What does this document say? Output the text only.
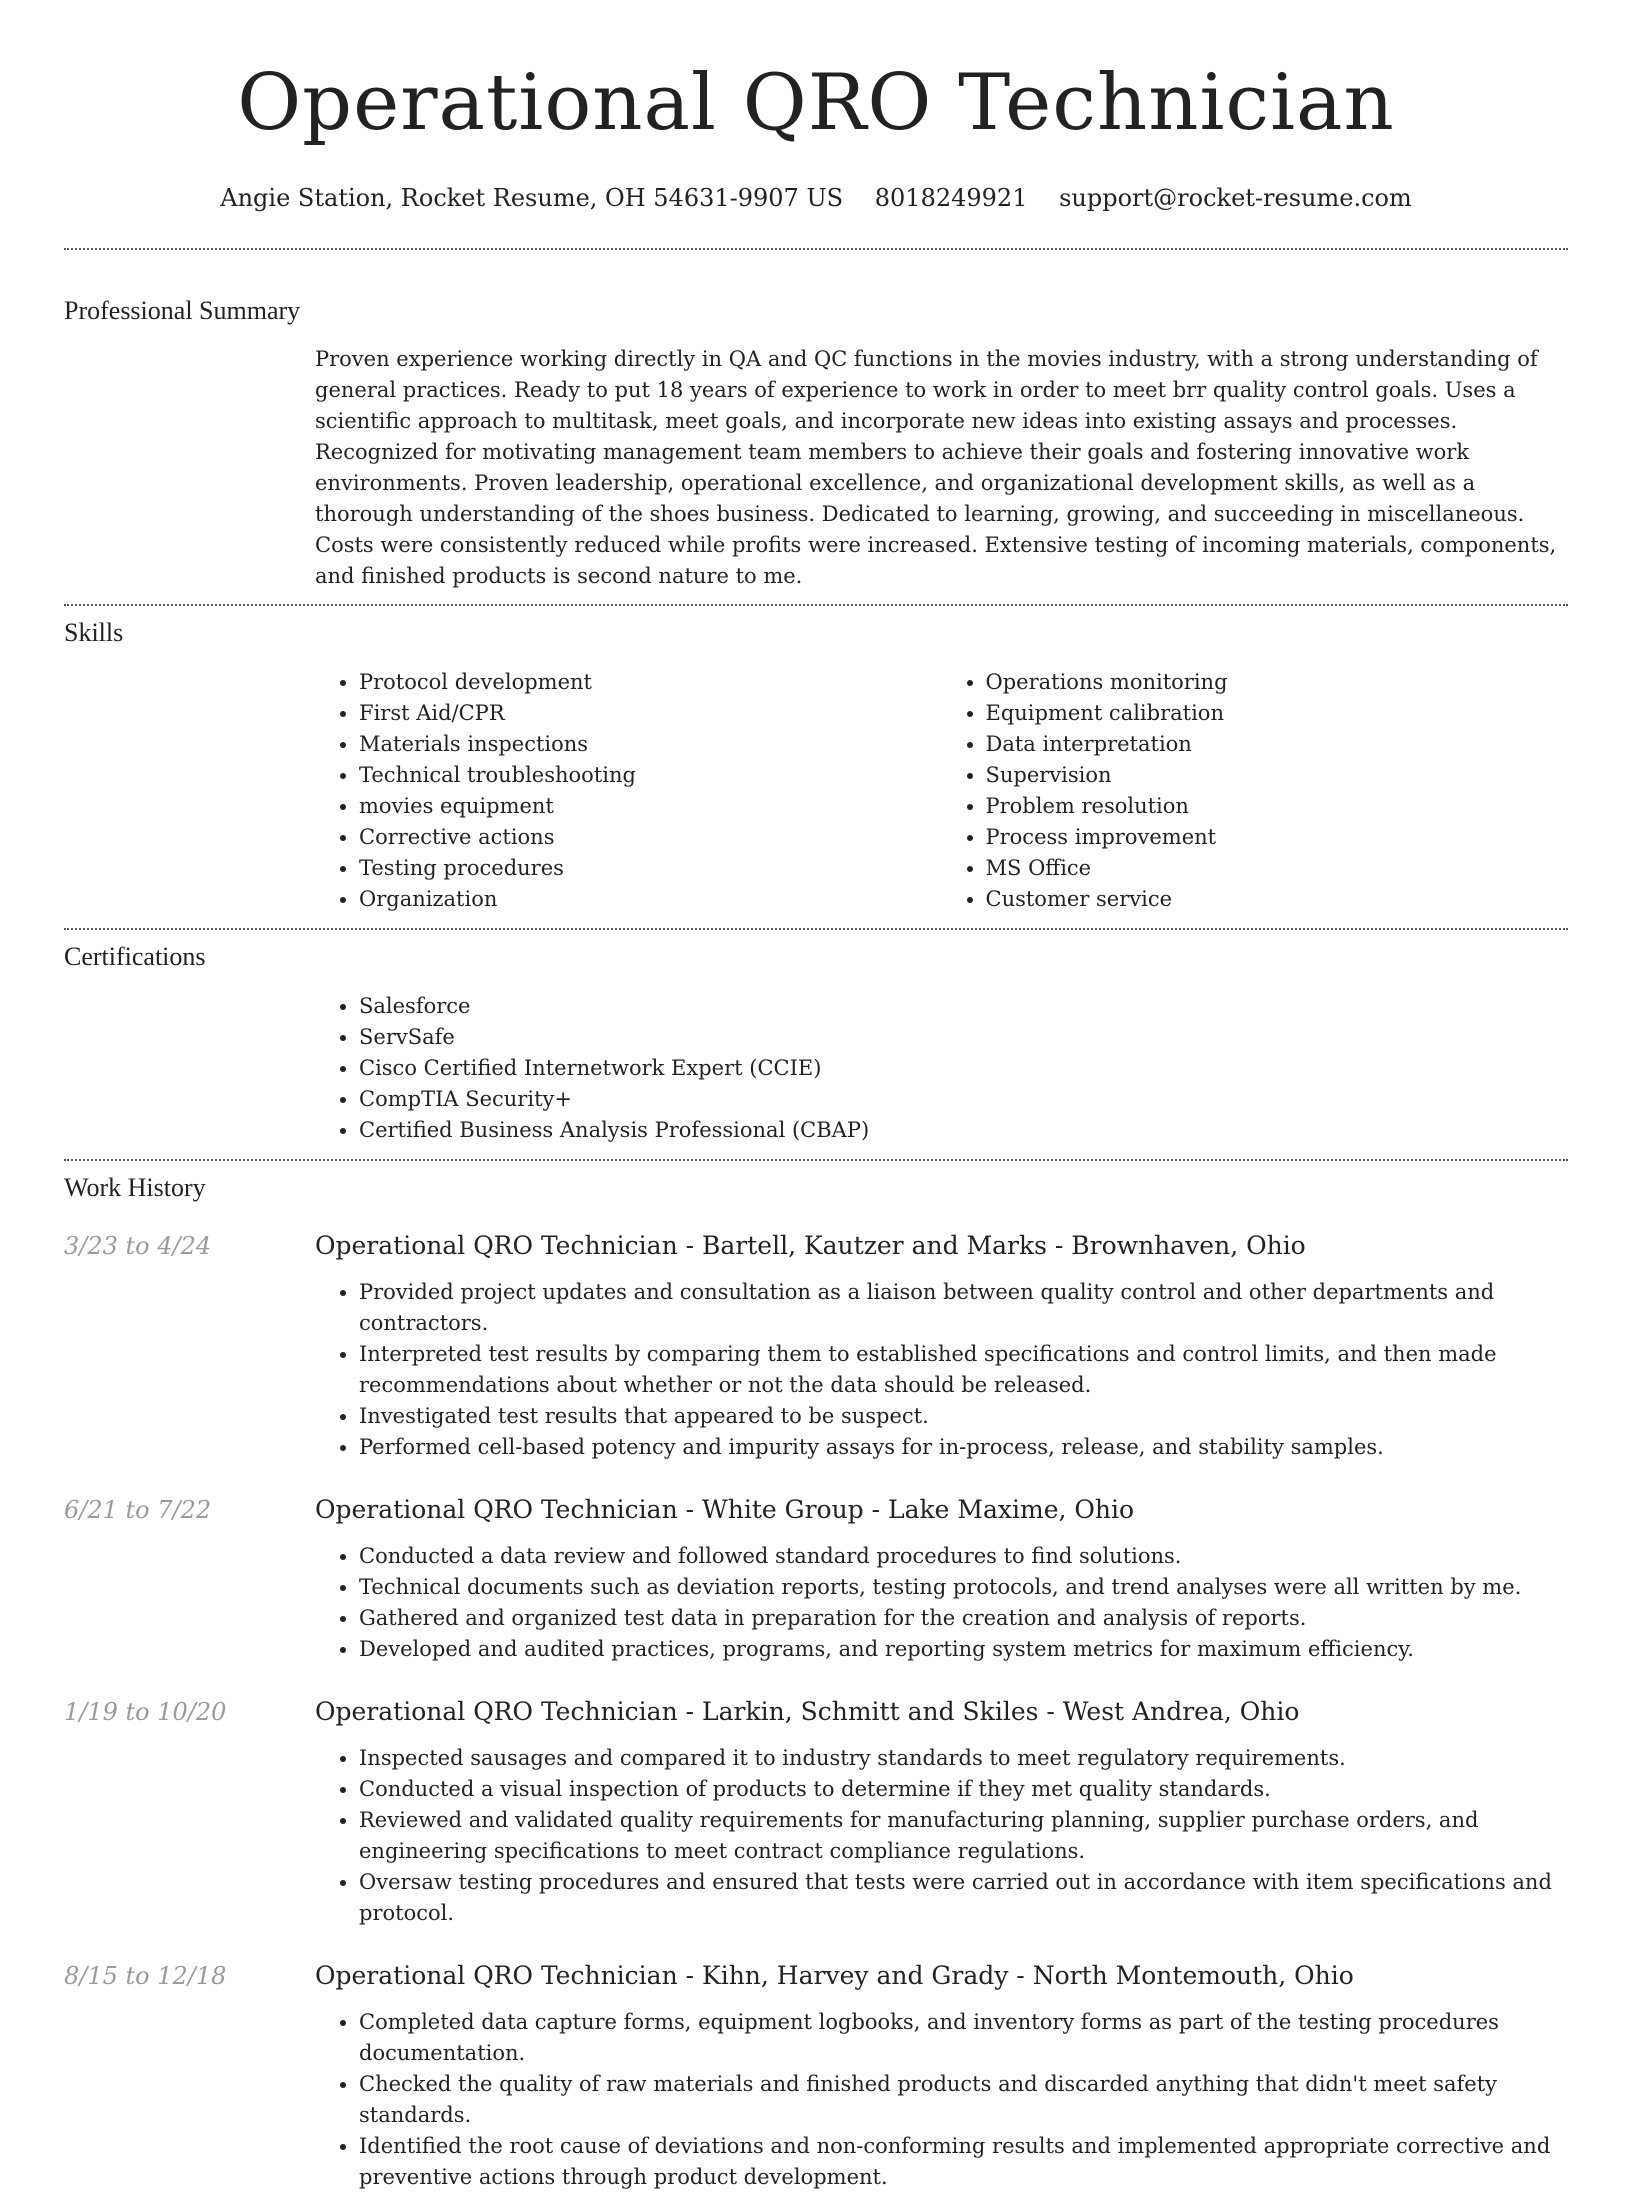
Operational QRO Technician
Angie Station, Rocket Resume, OH 54631-9907 US 8018249921 support@rocket-resume.com
Professional Summary
Proven experience working directly in QA and QC functions in the movies industry, with a strong understanding of general practices. Ready to put 18 years of experience to work in order to meet brr quality control goals. Uses a scientific approach to multitask, meet goals, and incorporate new ideas into existing assays and processes. Recognized for motivating management team members to achieve their goals and fostering innovative work environments. Proven leadership, operational excellence, and organizational development skills, as well as a thorough understanding of the shoes business. Dedicated to learning, growing, and succeeding in miscellaneous. Costs were consistently reduced while profits were increased. Extensive testing of incoming materials, components, and finished products is second nature to me.
Skills
• Protocol development
• First Aid/CPR
• Materials inspections
• Technical troubleshooting
• movies equipment
• Corrective actions
• Testing procedures
• Organization
• Operations monitoring
• Equipment calibration
• Data interpretation
• Supervision
• Problem resolution
• Process improvement
• MS Office
• Customer service
Certifications
• Salesforce
• ServSafe
• Cisco Certified Internetwork Expert (CCIE)
• CompTIA Security+
• Certified Business Analysis Professional (CBAP)
Work History
3/23 to 4/24	Operational QRO Technician - Bartell, Kautzer and Marks - Brownhaven, Ohio
• Provided project updates and consultation as a liaison between quality control and other departments and contractors.
• Interpreted test results by comparing them to established specifications and control limits, and then made recommendations about whether or not the data should be released.
• Investigated test results that appeared to be suspect.
• Performed cell-based potency and impurity assays for in-process, release, and stability samples.
6/21 to 7/22	Operational QRO Technician - White Group - Lake Maxime, Ohio
• Conducted a data review and followed standard procedures to find solutions.
• Technical documents such as deviation reports, testing protocols, and trend analyses were all written by me.
• Gathered and organized test data in preparation for the creation and analysis of reports.
• Developed and audited practices, programs, and reporting system metrics for maximum efficiency.
1/19 to 10/20	Operational QRO Technician - Larkin, Schmitt and Skiles - West Andrea, Ohio
• Inspected sausages and compared it to industry standards to meet regulatory requirements.
• Conducted a visual inspection of products to determine if they met quality standards.
• Reviewed and validated quality requirements for manufacturing planning, supplier purchase orders, and engineering specifications to meet contract compliance regulations.
• Oversaw testing procedures and ensured that tests were carried out in accordance with item specifications and protocol.
8/15 to 12/18	Operational QRO Technician - Kihn, Harvey and Grady - North Montemouth, Ohio
• Completed data capture forms, equipment logbooks, and inventory forms as part of the testing procedures documentation.
• Checked the quality of raw materials and finished products and discarded anything that didn't meet safety standards.
• Identified the root cause of deviations and non-conforming results and implemented appropriate corrective and preventive actions through product development.
